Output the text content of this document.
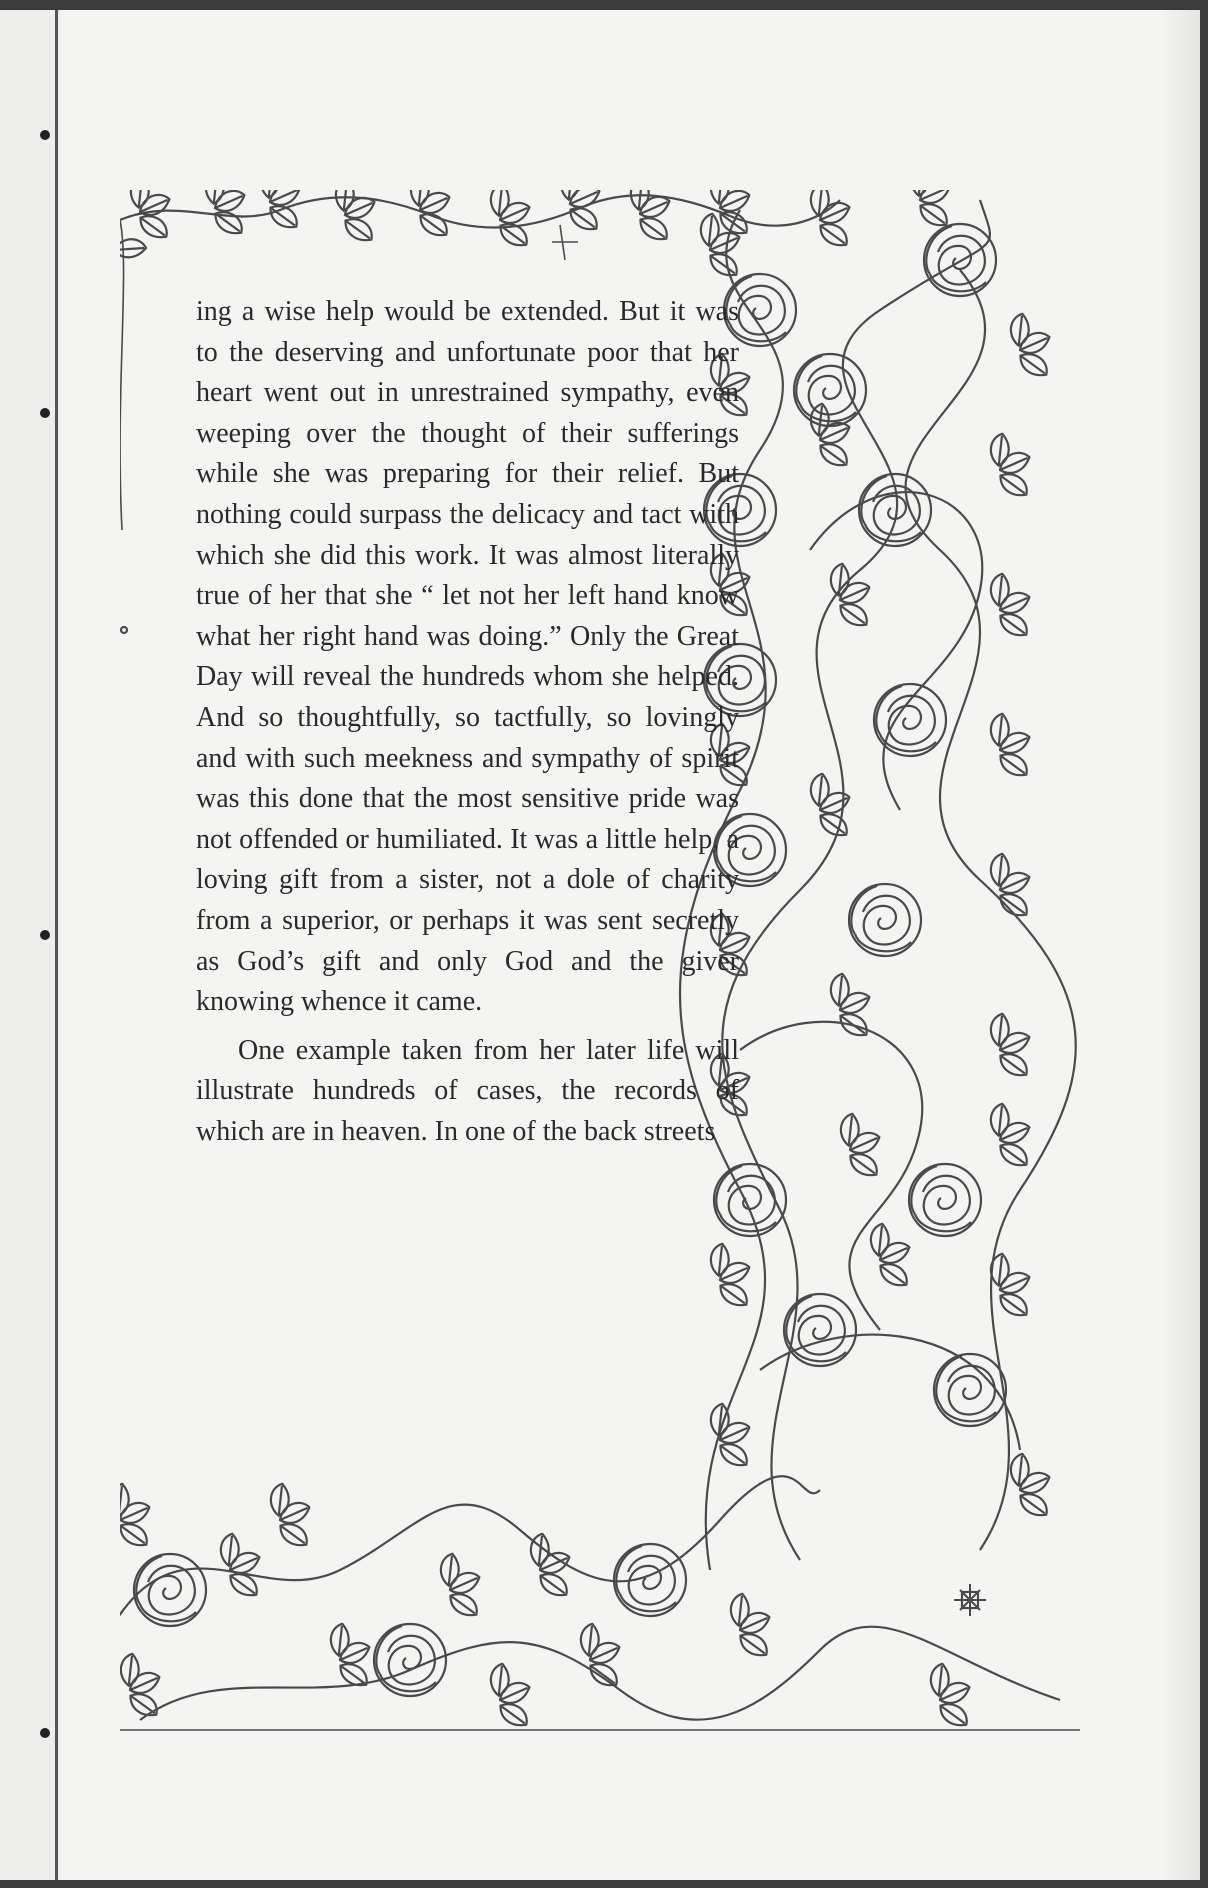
ing a wise help would be extended. But it was to the deserving and unfortunate poor that her heart went out in unrestrained sympathy, even weeping over the thought of their sufferings while she was preparing for their relief. But nothing could surpass the delicacy and tact with which she did this work. It was almost literally true of her that she “ let not her left hand know what her right hand was doing.” Only the Great Day will reveal the hundreds whom she helped. And so thoughtfully, so tactfully, so lovingly and with such meekness and sympathy of spirit was this done that the most sensitive pride was not offended or humiliated. It was a little help, a loving gift from a sister, not a dole of charity from a superior, or perhaps it was sent secretly as God’s gift and only God and the giver knowing whence it came.

One example taken from her later life will illustrate hundreds of cases, the records of which are in heaven. In one of the back streets
